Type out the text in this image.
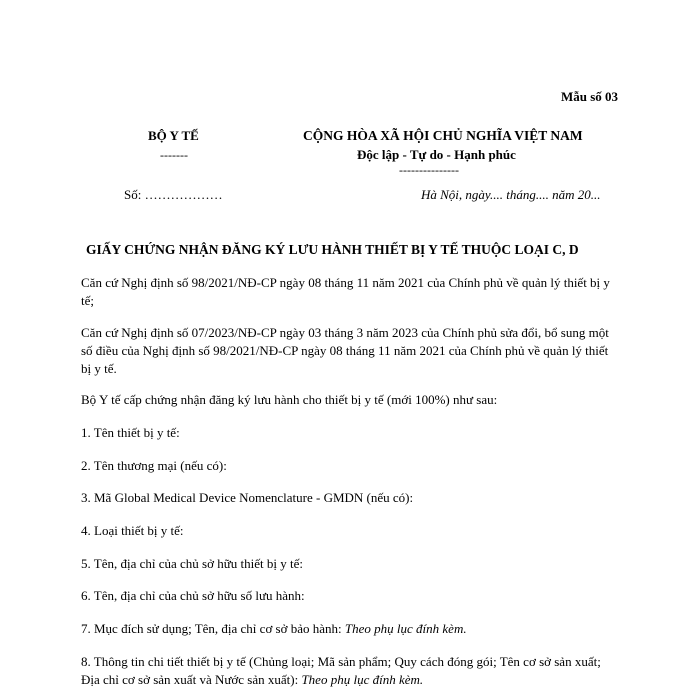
Mẫu số 03
BỘ Y TẾ
-------
CỘNG HÒA XÃ HỘI CHỦ NGHĨA VIỆT NAM
Độc lập - Tự do - Hạnh phúc
---------------
Số: ………………	Hà Nội, ngày.... tháng.... năm 20...
GIẤY CHỨNG NHẬN ĐĂNG KÝ LƯU HÀNH THIẾT BỊ Y TẾ THUỘC LOẠI C, D
Căn cứ Nghị định số 98/2021/NĐ-CP ngày 08 tháng 11 năm 2021 của Chính phủ về quản lý thiết bị y tế;
Căn cứ Nghị định số 07/2023/NĐ-CP ngày 03 tháng 3 năm 2023 của Chính phủ sửa đổi, bổ sung một số điều của Nghị định số 98/2021/NĐ-CP ngày 08 tháng 11 năm 2021 của Chính phủ về quản lý thiết bị y tế.
Bộ Y tế cấp chứng nhận đăng ký lưu hành cho thiết bị y tế (mới 100%) như sau:
1. Tên thiết bị y tế:
2. Tên thương mại (nếu có):
3. Mã Global Medical Device Nomenclature - GMDN (nếu có):
4. Loại thiết bị y tế:
5. Tên, địa chỉ của chủ sở hữu thiết bị y tế:
6. Tên, địa chỉ của chủ sở hữu số lưu hành:
7. Mục đích sử dụng; Tên, địa chỉ cơ sở bảo hành: Theo phụ lục đính kèm.
8. Thông tin chi tiết thiết bị y tế (Chủng loại; Mã sản phẩm; Quy cách đóng gói; Tên cơ sở sản xuất; Địa chỉ cơ sở sản xuất và Nước sản xuất): Theo phụ lục đính kèm.
